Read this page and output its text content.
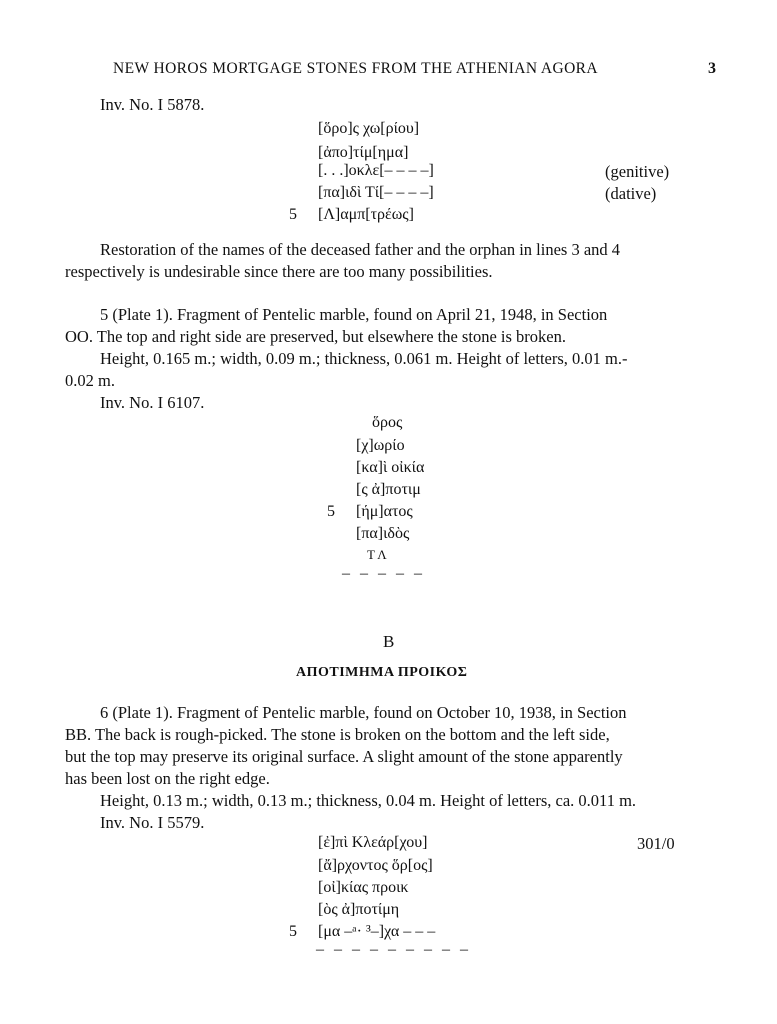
NEW HOROS MORTGAGE STONES FROM THE ATHENIAN AGORA	3
Inv. No. I 5878.
[ὅρο]ς χω[ρίου]
[ἀπο]τίμ[ημα]
[. . .]οκλε[– – – –]	(genitive)
[πα]ιδὶ Τί[– – – –]	(dative)
5 [Λ]αμπ[τρέως]
Restoration of the names of the deceased father and the orphan in lines 3 and 4
respectively is undesirable since there are too many possibilities.
5 (Plate 1). Fragment of Pentelic marble, found on April 21, 1948, in Section
OO. The top and right side are preserved, but elsewhere the stone is broken.
Height, 0.165 m.; width, 0.09 m.; thickness, 0.061 m. Height of letters, 0.01 m.-
0.02 m.
Inv. No. I 6107.
ὅρος
[χ]ωρίο
[κα]ὶ οἰκία
[ς ἀ]ποτιμ
5 [ήμ]ατος
[πα]ιδὸς
Τ Λ
– – – – –
B
ΑΠΟΤΙΜΗΜΑ ΠΡΟΙΚΟΣ
6 (Plate 1). Fragment of Pentelic marble, found on October 10, 1938, in Section
BB. The back is rough-picked. The stone is broken on the bottom and the left side,
but the top may preserve its original surface. A slight amount of the stone apparently
has been lost on the right edge.
Height, 0.13 m.; width, 0.13 m.; thickness, 0.04 m. Height of letters, ca. 0.011 m.
Inv. No. I 5579.
[ἐ]πὶ Κλεάρ[χου]	301/0
[ἄ]ρχοντος ὅρ[ος]
[οἰ]κίας προικ
[ὸς ἀ]ποτίμη
5 [μα –ᵃ· ³–]χα – – –
– – – – – – – – –
